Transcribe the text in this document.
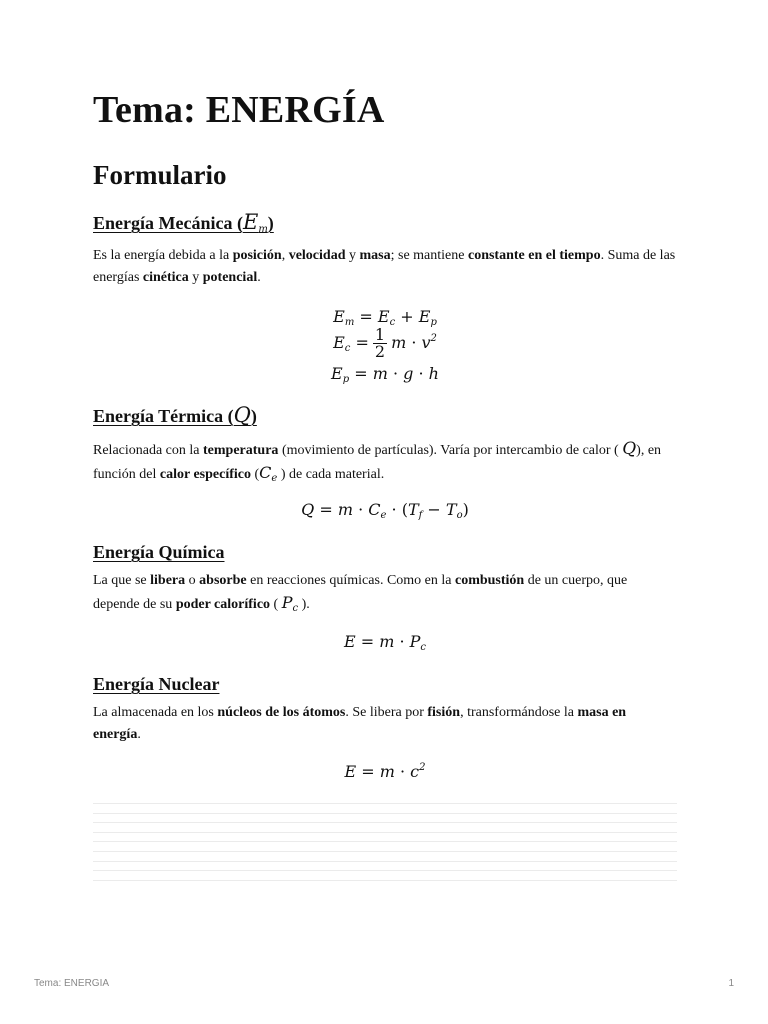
Tema: ENERGÍA
Formulario
Energía Mecánica $(E_m)$

Es la energía debida a la posición, velocidad y masa; se mantiene constante en el tiempo. Suma de las energías cinética y potencial.

$E_m = E_c + E_p$
$E_c = \frac{1}{2}$ $m \cdot v^2$
$E_p = m \cdot g \cdot h$
Energía Térmica (Q)

Relacionada con la temperatura (movimiento de partículas). Varía por intercambio de calor ( Q), en función del calor específico ($C_e$ ) de cada material.

$Q = m \cdot C_e \cdot (T_f - T_o)$
Energía Química

La que se libera o absorbe en reacciones químicas. Como en la combustión de un cuerpo, que depende de su poder calorífico ( $P_c$ ).

$E = m \cdot P_c$
Energía Nuclear

La almacenada en los núcleos de los átomos. Se libera por fisión, transformándose la masa en energía.

$E = m \cdot c^2$
Tema: ENERGIA	1
